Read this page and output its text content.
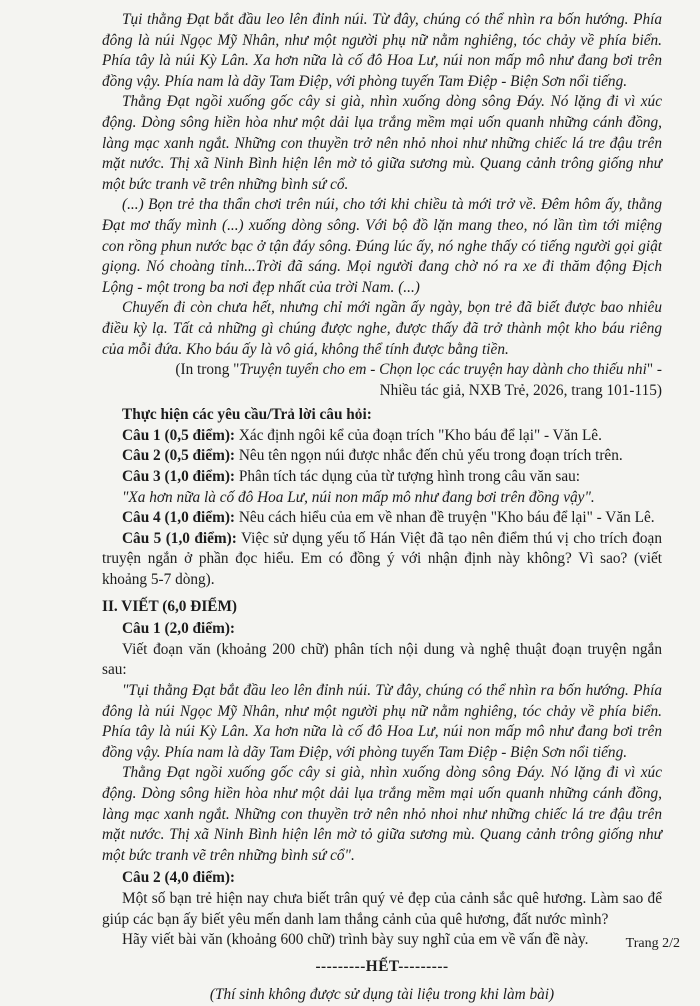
Tụi thằng Đạt bắt đầu leo lên đỉnh núi. Từ đây, chúng có thể nhìn ra bốn hướng. Phía đông là núi Ngọc Mỹ Nhân, như một người phụ nữ nằm nghiêng, tóc chảy về phía biển. Phía tây là núi Kỳ Lân. Xa hơn nữa là cố đô Hoa Lư, núi non mấp mô như đang bơi trên đồng vậy. Phía nam là dãy Tam Điệp, với phòng tuyến Tam Điệp - Biện Sơn nổi tiếng.

Thằng Đạt ngồi xuống gốc cây si già, nhìn xuống dòng sông Đáy. Nó lặng đi vì xúc động. Dòng sông hiền hòa như một dải lụa trắng mềm mại uốn quanh những cánh đồng, làng mạc xanh ngắt. Những con thuyền trở nên nhỏ nhoi như những chiếc lá tre đậu trên mặt nước. Thị xã Ninh Bình hiện lên mờ tỏ giữa sương mù. Quang cảnh trông giống như một bức tranh vẽ trên những bình sứ cổ.

(...) Bọn trẻ tha thẩn chơi trên núi, cho tới khi chiều tà mới trở về. Đêm hôm ấy, thằng Đạt mơ thấy mình (...) xuống dòng sông. Với bộ đồ lặn mang theo, nó lần tìm tới miệng con rồng phun nước bạc ở tận đáy sông. Đúng lúc ấy, nó nghe thấy có tiếng người gọi giật giọng. Nó choàng tỉnh...Trời đã sáng. Mọi người đang chờ nó ra xe đi thăm động Địch Lộng - một trong ba nơi đẹp nhất của trời Nam. (...)

Chuyến đi còn chưa hết, nhưng chỉ mới ngần ấy ngày, bọn trẻ đã biết được bao nhiêu điều kỳ lạ. Tất cả những gì chúng được nghe, được thấy đã trở thành một kho báu riêng của mỗi đứa. Kho báu ấy là vô giá, không thể tính được bằng tiền.

(In trong "Truyện tuyển cho em - Chọn lọc các truyện hay dành cho thiếu nhi" - Nhiều tác giả, NXB Trẻ, 2026, trang 101-115)

Thực hiện các yêu cầu/Trả lời câu hỏi:

Câu 1 (0,5 điểm): Xác định ngôi kể của đoạn trích "Kho báu để lại" - Văn Lê.

Câu 2 (0,5 điểm): Nêu tên ngọn núi được nhắc đến chủ yếu trong đoạn trích trên.

Câu 3 (1,0 điểm): Phân tích tác dụng của từ tượng hình trong câu văn sau:

"Xa hơn nữa là cố đô Hoa Lư, núi non mấp mô như đang bơi trên đồng vậy".

Câu 4 (1,0 điểm): Nêu cách hiểu của em về nhan đề truyện "Kho báu để lại" - Văn Lê.

Câu 5 (1,0 điểm): Việc sử dụng yếu tố Hán Việt đã tạo nên điểm thú vị cho trích đoạn truyện ngắn ở phần đọc hiểu. Em có đồng ý với nhận định này không? Vì sao? (viết khoảng 5-7 dòng).

II. VIẾT (6,0 ĐIỂM)

Câu 1 (2,0 điểm):

Viết đoạn văn (khoảng 200 chữ) phân tích nội dung và nghệ thuật đoạn truyện ngắn sau:

"Tụi thằng Đạt bắt đầu leo lên đỉnh núi. Từ đây, chúng có thể nhìn ra bốn hướng. Phía đông là núi Ngọc Mỹ Nhân, như một người phụ nữ nằm nghiêng, tóc chảy về phía biển. Phía tây là núi Kỳ Lân. Xa hơn nữa là cố đô Hoa Lư, núi non mấp mô như đang bơi trên đồng vậy. Phía nam là dãy Tam Điệp, với phòng tuyến Tam Điệp - Biện Sơn nổi tiếng.

Thằng Đạt ngồi xuống gốc cây si già, nhìn xuống dòng sông Đáy. Nó lặng đi vì xúc động. Dòng sông hiền hòa như một dải lụa trắng mềm mại uốn quanh những cánh đồng, làng mạc xanh ngắt. Những con thuyền trở nên nhỏ nhoi như những chiếc lá tre đậu trên mặt nước. Thị xã Ninh Bình hiện lên mờ tỏ giữa sương mù. Quang cảnh trông giống như một bức tranh vẽ trên những bình sứ cổ".

Câu 2 (4,0 điểm):

Một số bạn trẻ hiện nay chưa biết trân quý vẻ đẹp của cảnh sắc quê hương. Làm sao để giúp các bạn ấy biết yêu mến danh lam thắng cảnh của quê hương, đất nước mình?

Hãy viết bài văn (khoảng 600 chữ) trình bày suy nghĩ của em về vấn đề này.

---------HẾT---------

(Thí sinh không được sử dụng tài liệu trong khi làm bài)

Trang 2/2
